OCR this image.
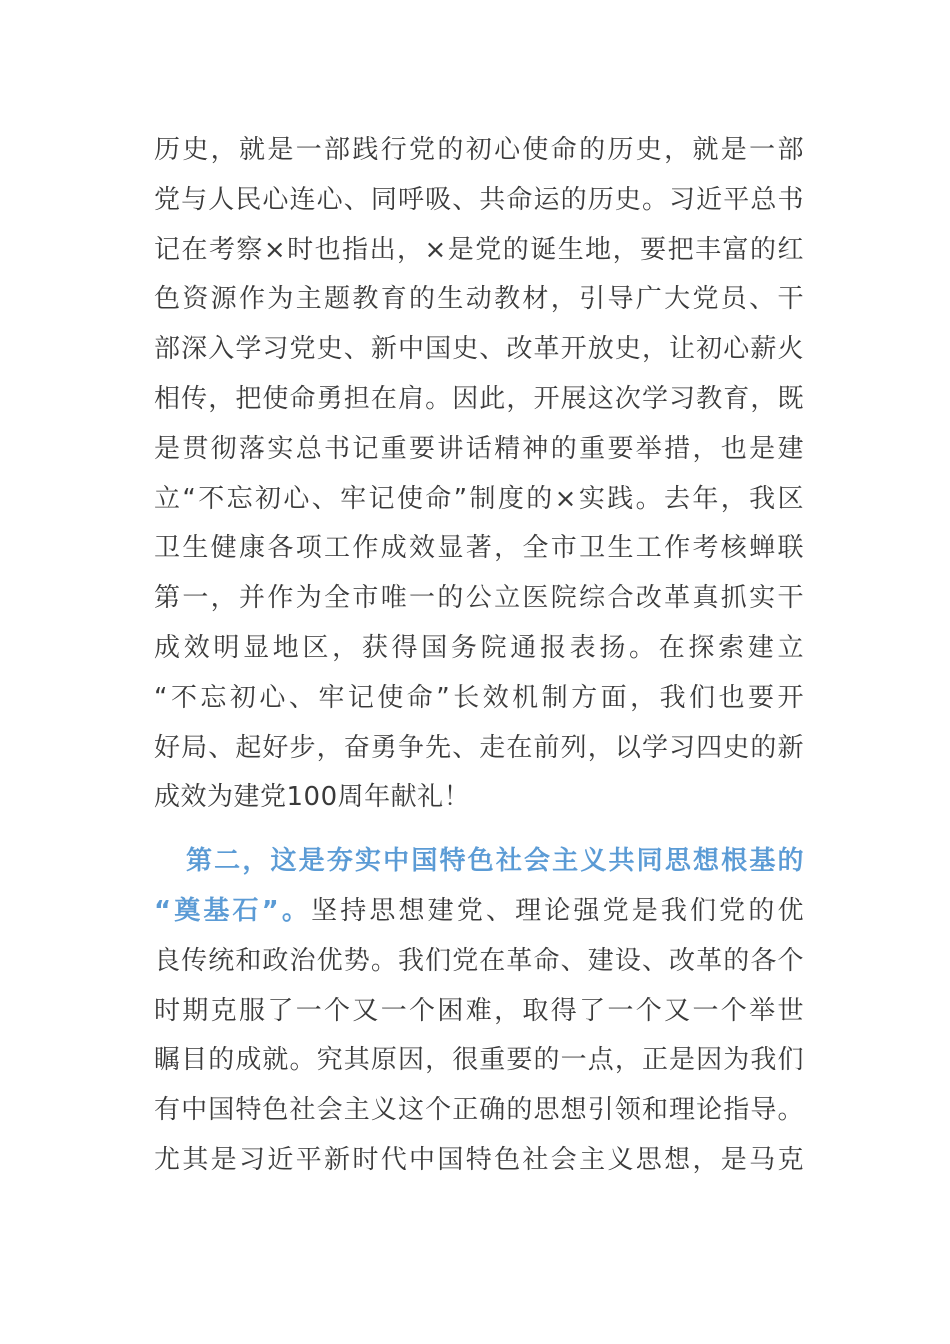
历史，就是一部践行党的初心使命的历史，就是一部
党与人民心连心、同呼吸、共命运的历史。习近平总书
记在考察×时也指出，×是党的诞生地，要把丰富的红
色资源作为主题教育的生动教材，引导广大党员、干
部深入学习党史、新中国史、改革开放史，让初心薪火
相传，把使命勇担在肩。因此，开展这次学习教育，既
是贯彻落实总书记重要讲话精神的重要举措，也是建
立“不忘初心、牢记使命”制度的×实践。去年，我区
卫生健康各项工作成效显著，全市卫生工作考核蝉联
第一，并作为全市唯一的公立医院综合改革真抓实干
成效明显地区，获得国务院通报表扬。在探索建立
“不忘初心、牢记使命”长效机制方面，我们也要开
好局、起好步，奋勇争先、走在前列，以学习四史的新
成效为建党100周年献礼！

第二，这是夯实中国特色社会主义共同思想根基的
“奠基石”。坚持思想建党、理论强党是我们党的优
良传统和政治优势。我们党在革命、建设、改革的各个
时期克服了一个又一个困难，取得了一个又一个举世
瞩目的成就。究其原因，很重要的一点，正是因为我们
有中国特色社会主义这个正确的思想引领和理论指导。
尤其是习近平新时代中国特色社会主义思想，是马克
